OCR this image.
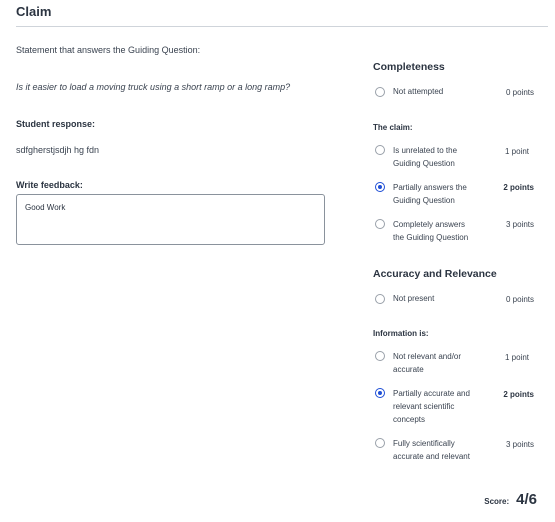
Claim
Statement that answers the Guiding Question:
Is it easier to load a moving truck using a short ramp or a long ramp?
Student response:
sdfgherstjsdjh hg fdn
Write feedback:
Good Work
Completeness
Not attempted	0 points
The claim:
Is unrelated to the
Guiding Question
1 point
Partially answers the
Guiding Question
2 points
Completely answers
the Guiding Question
3 points
Accuracy and Relevance
Not present	0 points
Information is:
Not relevant and/or
accurate
1 point
Partially accurate and
relevant scientific
concepts
2 points
Fully scientifically
accurate and relevant
3 points
Score: 4/6
